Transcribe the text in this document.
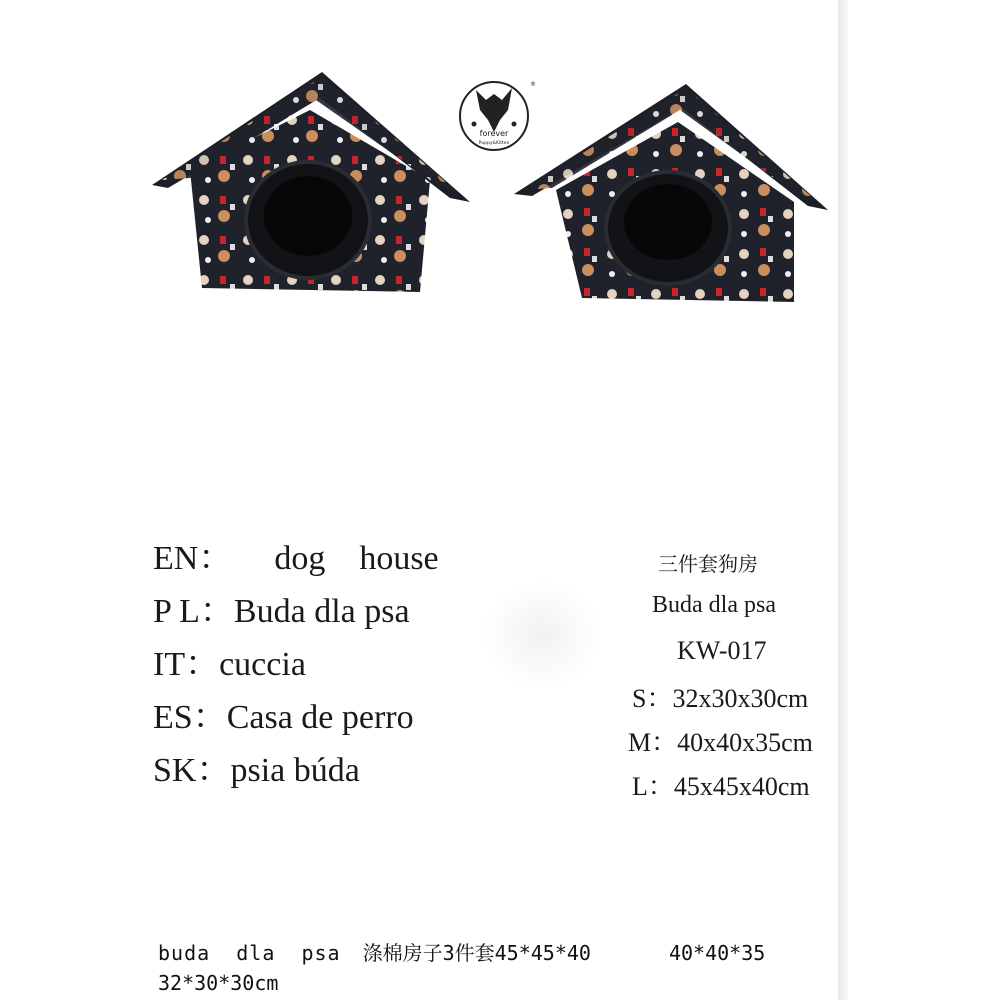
forever
Puppy&Kitten
®
EN： dog    house
P L：Buda dla psa
IT：cuccia
ES：Casa de perro
SK：psia búda
三件套狗房
Buda dla psa
KW-017
S：32x30x30cm
M：40x40x35cm
L：45x45x40cm
buda  dla  psa 涤棉房子3件套45*45*40	40*40*35
32*30*30cm
